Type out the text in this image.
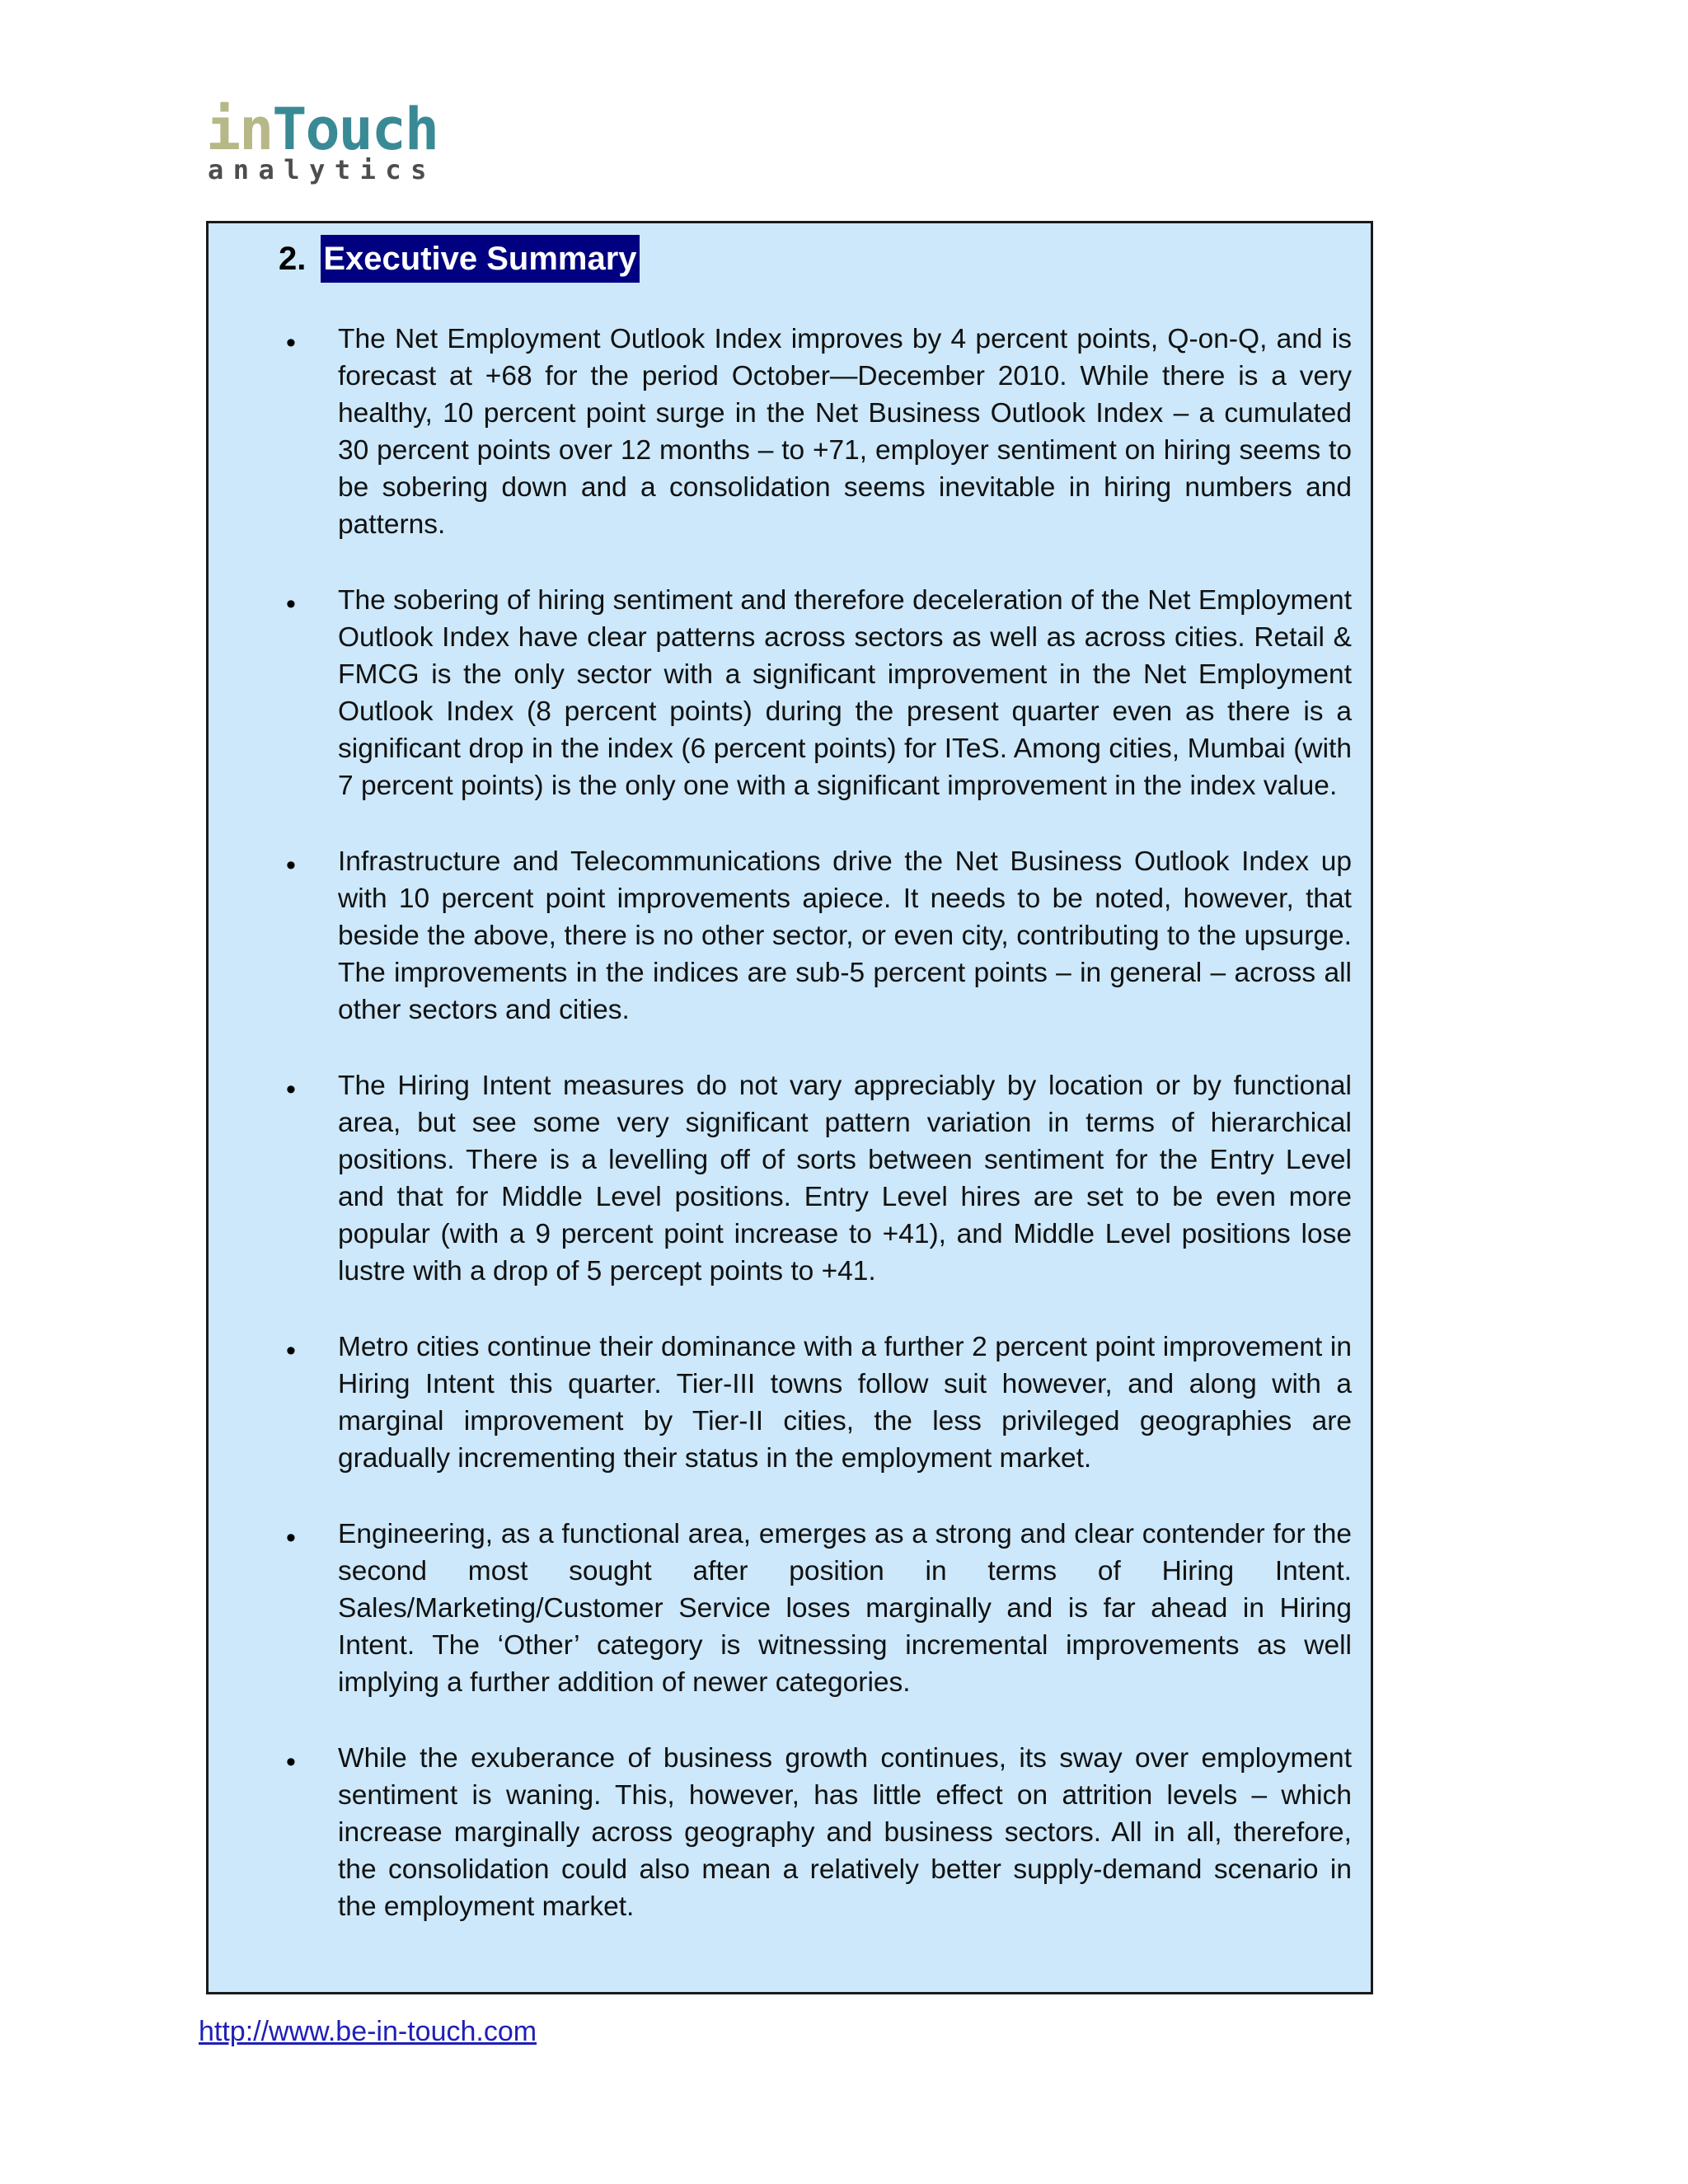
inTouch
analytics
2. Executive Summary
• The Net Employment Outlook Index improves by 4 percent points, Q-on-Q, and is forecast at +68 for the period October—December 2010. While there is a very healthy, 10 percent point surge in the Net Business Outlook Index – a cumulated 30 percent points over 12 months – to +71, employer sentiment on hiring seems to be sobering down and a consolidation seems inevitable in hiring numbers and patterns.
• The sobering of hiring sentiment and therefore deceleration of the Net Employment Outlook Index have clear patterns across sectors as well as across cities. Retail & FMCG is the only sector with a significant improvement in the Net Employment Outlook Index (8 percent points) during the present quarter even as there is a significant drop in the index (6 percent points) for ITeS. Among cities, Mumbai (with 7 percent points) is the only one with a significant improvement in the index value.
• Infrastructure and Telecommunications drive the Net Business Outlook Index up with 10 percent point improvements apiece. It needs to be noted, however, that beside the above, there is no other sector, or even city, contributing to the upsurge. The improvements in the indices are sub-5 percent points – in general – across all other sectors and cities.
• The Hiring Intent measures do not vary appreciably by location or by functional area, but see some very significant pattern variation in terms of hierarchical positions. There is a levelling off of sorts between sentiment for the Entry Level and that for Middle Level positions. Entry Level hires are set to be even more popular (with a 9 percent point increase to +41), and Middle Level positions lose lustre with a drop of 5 percept points to +41.
• Metro cities continue their dominance with a further 2 percent point improvement in Hiring Intent this quarter. Tier-III towns follow suit however, and along with a marginal improvement by Tier-II cities, the less privileged geographies are gradually incrementing their status in the employment market.
• Engineering, as a functional area, emerges as a strong and clear contender for the second most sought after position in terms of Hiring Intent. Sales/Marketing/Customer Service loses marginally and is far ahead in Hiring Intent. The ‘Other’ category is witnessing incremental improvements as well implying a further addition of newer categories.
• While the exuberance of business growth continues, its sway over employment sentiment is waning. This, however, has little effect on attrition levels – which increase marginally across geography and business sectors. All in all, therefore, the consolidation could also mean a relatively better supply-demand scenario in the employment market.
http://www.be-in-touch.com
